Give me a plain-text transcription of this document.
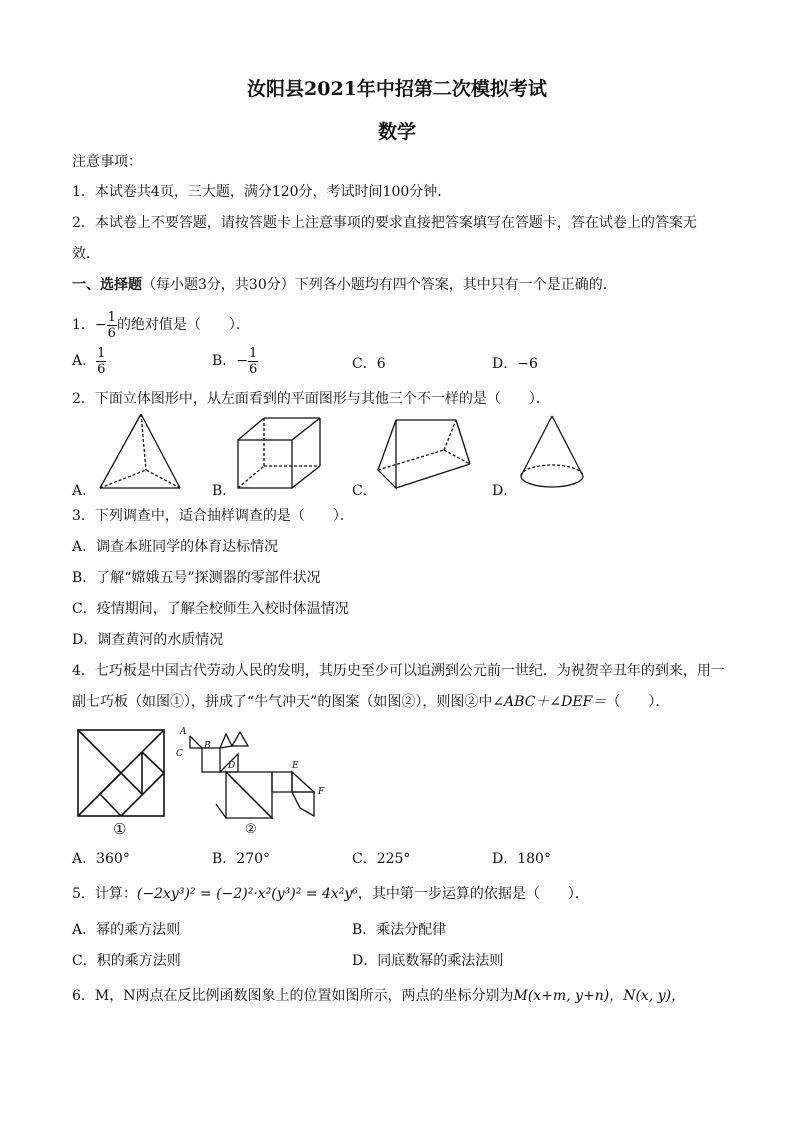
汝阳县2021年中招第二次模拟考试
数学
注意事项：
1．本试卷共4页，三大题，满分120分，考试时间100分钟．
2．本试卷上不要答题，请按答题卡上注意事项的要求直接把答案填写在答题卡，答在试卷上的答案无
效．
一、选择题（每小题3分，共30分）下列各小题均有四个答案，其中只有一个是正确的．
1．− $\frac{1}{6}$ 的绝对值是（　　）．
A． $\frac{1}{6}$	B．− $\frac{1}{6}$	C．6	D．−6
2．下面立体图形中，从左面看到的平面图形与其他三个不一样的是（　　）．
A．	B．	C．	D．
3．下列调查中，适合抽样调查的是（　　）．
A．调查本班同学的体育达标情况
B．了解“嫦娥五号”探测器的零部件状况
C．疫情期间，了解全校师生入校时体温情况
D．调查黄河的水质情况
4．七巧板是中国古代劳动人民的发明，其历史至少可以追溯到公元前一世纪．为祝贺辛丑年的到来，用一
副七巧板（如图①），拼成了“牛气冲天”的图案（如图②），则图②中∠ABC＋∠DEF＝（　　）．
①
A
B
C
D	E
F
②
A．360°	B．270°	C．225°	D．180°
5．计算：(−2xy³)² = (−2)²·x²(y³)² = 4x²y⁶，其中第一步运算的依据是（　　）．
A．幂的乘方法则	B．乘法分配律
C．积的乘方法则	D．同底数幂的乘法法则
6．M，N两点在反比例函数图象上的位置如图所示，两点的坐标分别为M(x+m, y+n)，N(x, y)，
